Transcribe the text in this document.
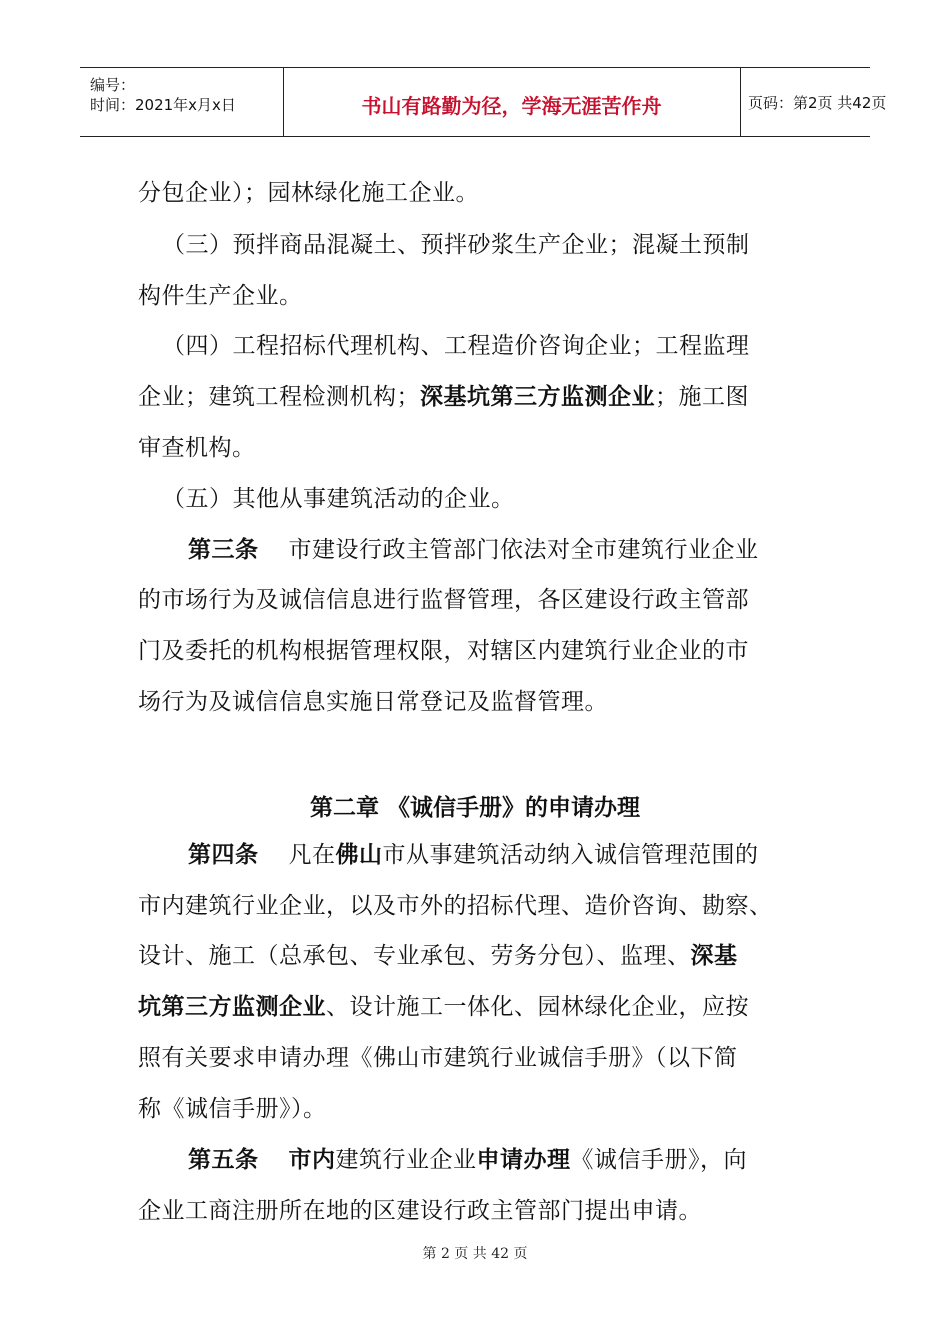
编号：
时间：2021年x月x日	书山有路勤为径，学海无涯苦作舟	页码：第2页 共42页
分包企业）；园林绿化施工企业。
（三）预拌商品混凝土、预拌砂浆生产企业；混凝土预制
构件生产企业。
（四）工程招标代理机构、工程造价咨询企业；工程监理
企业；建筑工程检测机构；深基坑第三方监测企业；施工图
审查机构。
（五）其他从事建筑活动的企业。
第三条 市建设行政主管部门依法对全市建筑行业企业
的市场行为及诚信信息进行监督管理，各区建设行政主管部
门及委托的机构根据管理权限，对辖区内建筑行业企业的市
场行为及诚信信息实施日常登记及监督管理。
第二章 《诚信手册》的申请办理
第四条 凡在佛山市从事建筑活动纳入诚信管理范围的
市内建筑行业企业，以及市外的招标代理、造价咨询、勘察、
设计、施工（总承包、专业承包、劳务分包）、监理、深基
坑第三方监测企业、设计施工一体化、园林绿化企业，应按
照有关要求申请办理《佛山市建筑行业诚信手册》（以下简
称《诚信手册》）。
第五条 市内建筑行业企业申请办理《诚信手册》，向
企业工商注册所在地的区建设行政主管部门提出申请。
第 2 页 共 42 页
